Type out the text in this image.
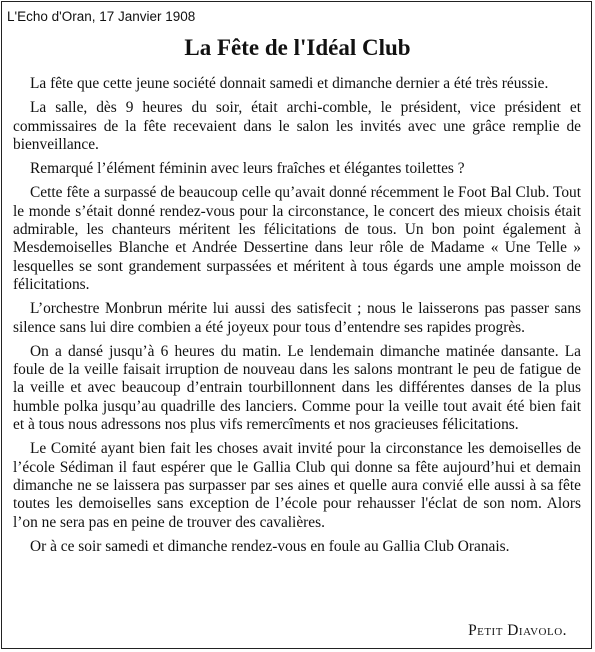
L'Echo d'Oran, 17 Janvier 1908
La Fête de l'Idéal Club

La fête que cette jeune société donnait samedi et dimanche dernier a été très réussie.

La salle, dès 9 heures du soir, était archi-comble, le président, vice président et commissaires de la fête recevaient dans le salon les invités avec une grâce remplie de bienveillance.

Remarqué l’élément féminin avec leurs fraîches et élégantes toilettes ?

Cette fête a surpassé de beaucoup celle qu’avait donné récemment le Foot Bal Club. Tout le monde s’était donné rendez-vous pour la circonstance, le concert des mieux choisis était admirable, les chanteurs méritent les félicitations de tous. Un bon point également à Mesdemoiselles Blanche et Andrée Dessertine dans leur rôle de Madame « Une Telle » lesquelles se sont grandement surpassées et méritent à tous égards une ample moisson de félicitations.

L’orchestre Monbrun mérite lui aussi des satisfecit ; nous le laisserons pas passer sans silence sans lui dire combien a été joyeux pour tous d’entendre ses rapides progrès.

On a dansé jusqu’à 6 heures du matin. Le lendemain dimanche matinée dansante. La foule de la veille faisait irruption de nouveau dans les salons montrant le peu de fatigue de la veille et avec beaucoup d’entrain tourbillonnent dans les différentes danses de la plus humble polka jusqu’au quadrille des lanciers. Comme pour la veille tout avait été bien fait et à tous nous adressons nos plus vifs remercîments et nos gracieuses félicitations.

Le Comité ayant bien fait les choses avait invité pour la circonstance les demoiselles de l’école Sédiman il faut espérer que le Gallia Club qui donne sa fête aujourd’hui et demain dimanche ne se laissera pas surpasser par ses aines et quelle aura convié elle aussi à sa fête toutes les demoiselles sans exception de l’école pour rehausser l'éclat de son nom. Alors l’on ne sera pas en peine de trouver des cavalières.

Or à ce soir samedi et dimanche rendez-vous en foule au Gallia Club Oranais.

Petit Diavolo.
